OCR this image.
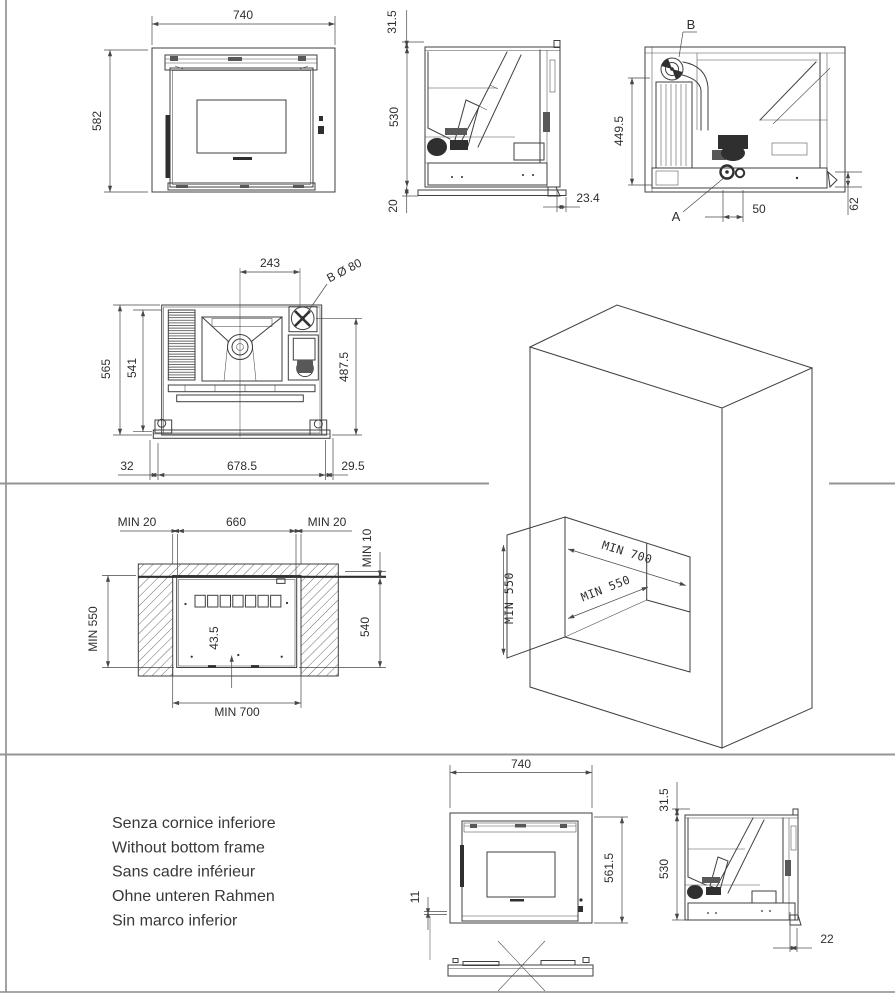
740
582
31.5
530
20
23.4
B
A
449.5
50	62
243	B Ø 80
565 541	487.5
32	678.5	29.5
MIN 20	660	MIN 20
MIN 10
MIN 550	540
43.5
MIN 700
MIN 700
MIN 550
MIN 550
Senza cornice inferiore
Without bottom frame
Sans cadre inférieur
Ohne unteren Rahmen
Sin marco inferior
740
561.5
11
31.5
530
22
